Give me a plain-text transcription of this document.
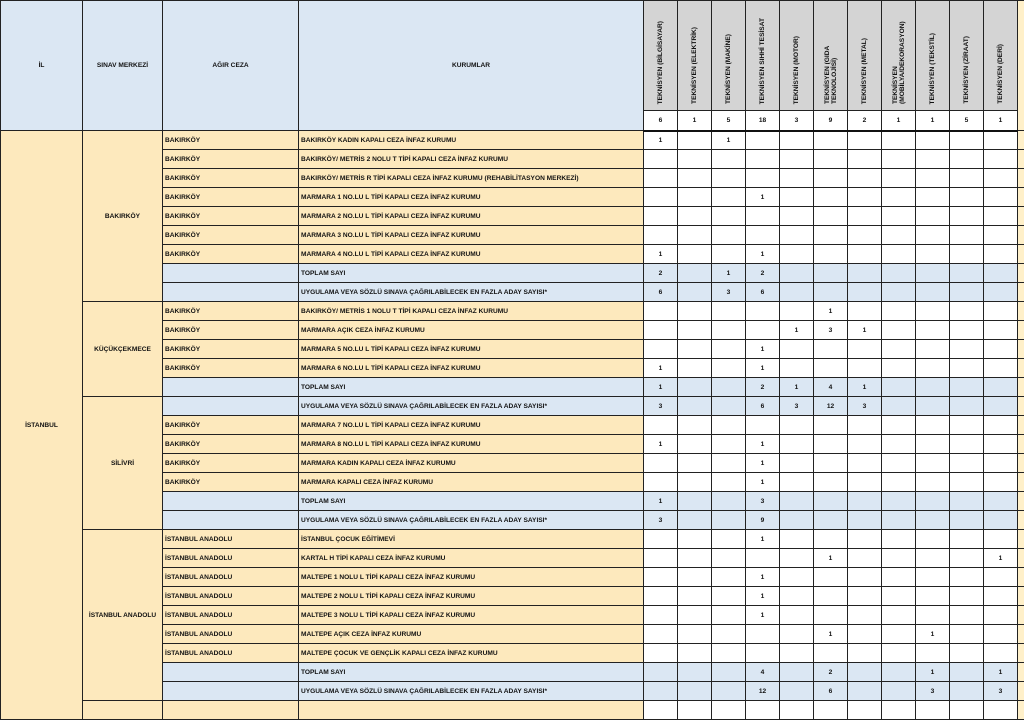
İL	SINAV MERKEZİ	AĞIR CEZA	KURUMLAR	TEKNİSYEN (BİLGİSAYAR)	TEKNİSYEN (ELEKTRİK)	TEKNİSYEN (MAKİNE)	TEKNİSYEN SIHHİ TESİSAT	TEKNİSYEN (MOTOR)	TEKNİSYEN (GIDA TEKNOLOJİSİ)	TEKNİSYEN (METAL)	TEKNİSYEN (MOBİLYA/DEKORASYON)	TEKNİSYEN (TEKSTİL)	TEKNİSYEN (ZİRAAT)	TEKNİSYEN (DERİ)	
				6	1	5	18	3	9	2	1	1	5	1	
İSTANBUL	BAKIRKÖY	BAKIRKÖY	BAKIRKÖY KADIN KAPALI CEZA İNFAZ KURUMU	1		1									
		BAKIRKÖY	BAKIRKÖY/ METRİS 2 NOLU T TİPİ KAPALI CEZA İNFAZ KURUMU												
		BAKIRKÖY	BAKIRKÖY/ METRİS R TİPİ KAPALI CEZA İNFAZ KURUMU (REHABİLİTASYON MERKEZİ)												
		BAKIRKÖY	MARMARA 1 NO.LU L TİPİ KAPALI CEZA İNFAZ KURUMU				1								
		BAKIRKÖY	MARMARA 2 NO.LU L TİPİ KAPALI CEZA İNFAZ KURUMU												
		BAKIRKÖY	MARMARA 3 NO.LU L TİPİ KAPALI CEZA İNFAZ KURUMU												
		BAKIRKÖY	MARMARA 4 NO.LU L TİPİ KAPALI CEZA İNFAZ KURUMU	1			1								
			TOPLAM SAYI	2		1	2								
			UYGULAMA VEYA SÖZLÜ SINAVA ÇAĞRILABİLECEK EN FAZLA ADAY SAYISI*	6		3	6								
	KÜÇÜKÇEKMECE	BAKIRKÖY	BAKIRKÖY/ METRİS 1 NOLU T TİPİ KAPALI CEZA İNFAZ KURUMU						1						
		BAKIRKÖY	MARMARA AÇIK CEZA İNFAZ KURUMU					1	3	1					
		BAKIRKÖY	MARMARA 5 NO.LU L TİPİ KAPALI CEZA İNFAZ KURUMU				1								
		BAKIRKÖY	MARMARA 6 NO.LU L TİPİ KAPALI CEZA İNFAZ KURUMU	1			1								
			TOPLAM SAYI	1			2	1	4	1					
	SİLİVRİ		UYGULAMA VEYA SÖZLÜ SINAVA ÇAĞRILABİLECEK EN FAZLA ADAY SAYISI*	3			6	3	12	3					
		BAKIRKÖY	MARMARA 7 NO.LU L TİPİ KAPALI CEZA İNFAZ KURUMU												
		BAKIRKÖY	MARMARA 8 NO.LU L TİPİ KAPALI CEZA İNFAZ KURUMU	1			1								
		BAKIRKÖY	MARMARA KADIN KAPALI CEZA İNFAZ KURUMU				1								
		BAKIRKÖY	MARMARA KAPALI CEZA İNFAZ KURUMU				1								
			TOPLAM SAYI	1			3								
			UYGULAMA VEYA SÖZLÜ SINAVA ÇAĞRILABİLECEK EN FAZLA ADAY SAYISI*	3			9								
	İSTANBUL ANADOLU	İSTANBUL ANADOLU	İSTANBUL ÇOCUK EĞİTİMEVİ				1								
		İSTANBUL ANADOLU	KARTAL H TİPİ KAPALI CEZA İNFAZ KURUMU						1					1	
		İSTANBUL ANADOLU	MALTEPE 1 NOLU L TİPİ KAPALI CEZA İNFAZ KURUMU				1								
		İSTANBUL ANADOLU	MALTEPE 2 NOLU L TİPİ KAPALI CEZA İNFAZ KURUMU				1								
		İSTANBUL ANADOLU	MALTEPE 3 NOLU L TİPİ KAPALI CEZA İNFAZ KURUMU				1								
		İSTANBUL ANADOLU	MALTEPE AÇIK CEZA İNFAZ KURUMU						1			1			
		İSTANBUL ANADOLU	MALTEPE ÇOCUK VE GENÇLİK KAPALI CEZA İNFAZ KURUMU												
			TOPLAM SAYI				4		2			1		1	
			UYGULAMA VEYA SÖZLÜ SINAVA ÇAĞRILABİLECEK EN FAZLA ADAY SAYISI*				12		6			3		3	
